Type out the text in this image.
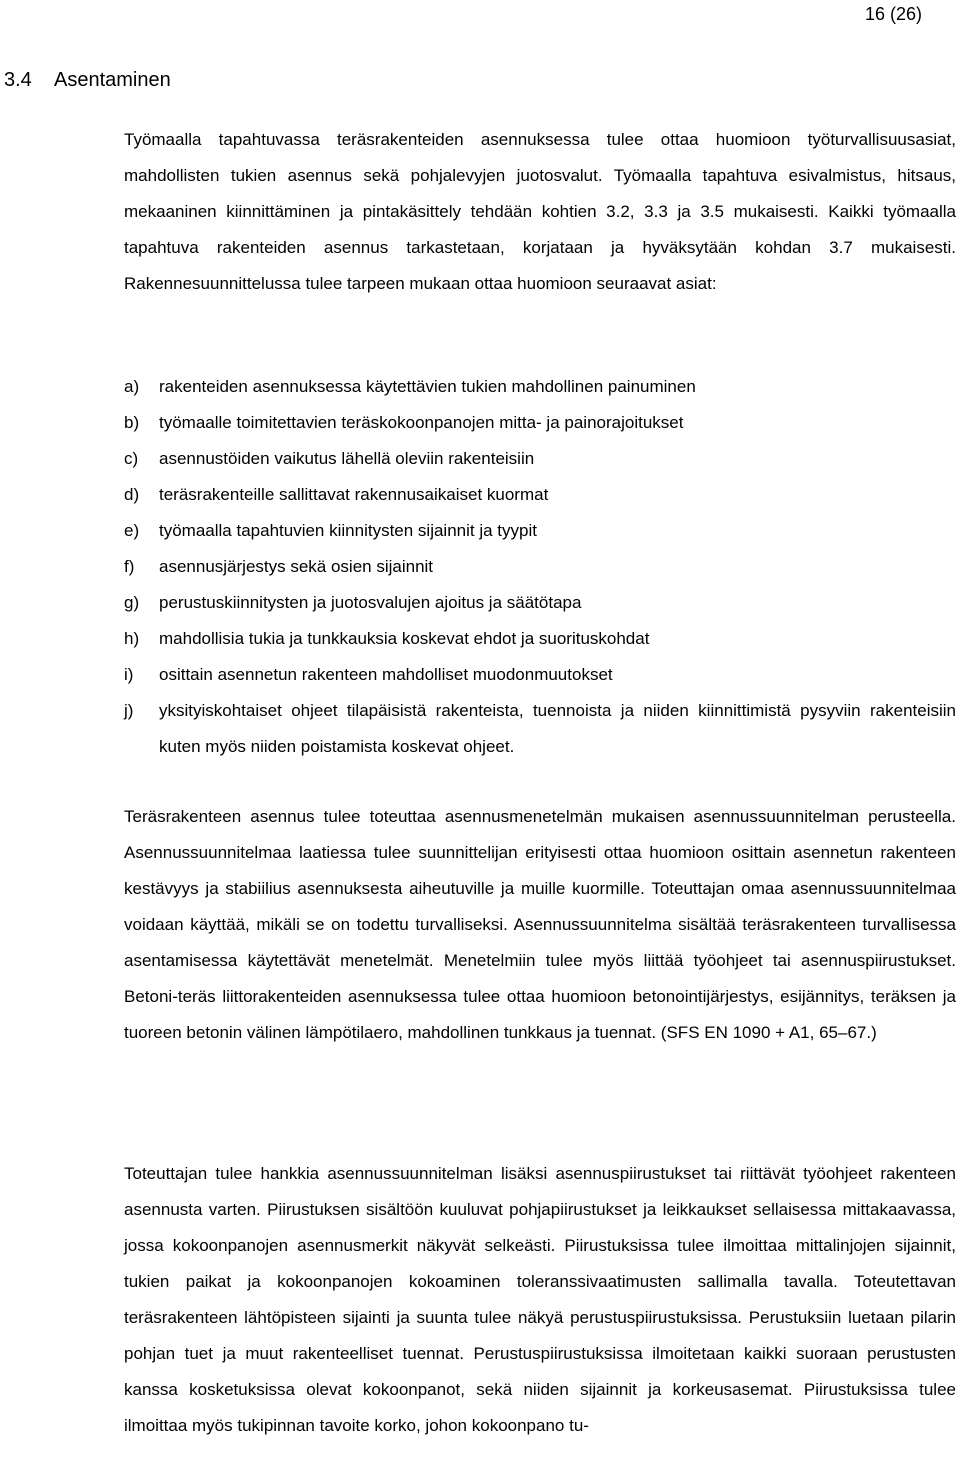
16 (26)
3.4 Asentaminen
Työmaalla tapahtuvassa teräsrakenteiden asennuksessa tulee ottaa huomioon työturvallisuusasiat, mahdollisten tukien asennus sekä pohjalevyjen juotosvalut. Työmaalla tapahtuva esivalmistus, hitsaus, mekaaninen kiinnittäminen ja pintakäsittely tehdään kohtien 3.2, 3.3 ja 3.5 mukaisesti. Kaikki työmaalla tapahtuva rakenteiden asennus tarkastetaan, korjataan ja hyväksytään kohdan 3.7 mukaisesti. Rakennesuunnittelussa tulee tarpeen mukaan ottaa huomioon seuraavat asiat:
a)	rakenteiden asennuksessa käytettävien tukien mahdollinen painuminen
b)	työmaalle toimitettavien teräskokoonpanojen mitta- ja painorajoitukset
c)	asennustöiden vaikutus lähellä oleviin rakenteisiin
d)	teräsrakenteille sallittavat rakennusaikaiset kuormat
e)	työmaalla tapahtuvien kiinnitysten sijainnit ja tyypit
f)	asennusjärjestys sekä osien sijainnit
g)	perustuskiinnitysten ja juotosvalujen ajoitus ja säätötapa
h)	mahdollisia tukia ja tunkkauksia koskevat ehdot ja suorituskohdat
i)	osittain asennetun rakenteen mahdolliset muodonmuutokset
j)	yksityiskohtaiset ohjeet tilapäisistä rakenteista, tuennoista ja niiden kiinnittimistä pysyviin rakenteisiin kuten myös niiden poistamista koskevat ohjeet.
Teräsrakenteen asennus tulee toteuttaa asennusmenetelmän mukaisen asennussuunnitelman perusteella. Asennussuunnitelmaa laatiessa tulee suunnittelijan erityisesti ottaa huomioon osittain asennetun rakenteen kestävyys ja stabiilius asennuksesta aiheutuville ja muille kuormille. Toteuttajan omaa asennussuunnitelmaa voidaan käyttää, mikäli se on todettu turvalliseksi. Asennussuunnitelma sisältää teräsrakenteen turvallisessa asentamisessa käytettävät menetelmät. Menetelmiin tulee myös liittää työohjeet tai asennuspiirustukset. Betoni-teräs liittorakenteiden asennuksessa tulee ottaa huomioon betonointijärjestys, esijännitys, teräksen ja tuoreen betonin välinen lämpötilaero, mahdollinen tunkkaus ja tuennat. (SFS EN 1090 + A1, 65–67.)
Toteuttajan tulee hankkia asennussuunnitelman lisäksi asennuspiirustukset tai riittävät työohjeet rakenteen asennusta varten. Piirustuksen sisältöön kuuluvat pohjapiirustukset ja leikkaukset sellaisessa mittakaavassa, jossa kokoonpanojen asennusmerkit näkyvät selkeästi. Piirustuksissa tulee ilmoittaa mittalinjojen sijainnit, tukien paikat ja kokoonpanojen kokoaminen toleranssivaatimusten sallimalla tavalla. Toteutettavan teräsrakenteen lähtöpisteen sijainti ja suunta tulee näkyä perustuspiirustuksissa. Perustuksiin luetaan pilarin pohjan tuet ja muut rakenteelliset tuennat. Perustuspiirustuksissa ilmoitetaan kaikki suoraan perustusten kanssa kosketuksissa olevat kokoonpanot, sekä niiden sijainnit ja korkeusasemat. Piirustuksissa tulee ilmoittaa myös tukipinnan tavoite korko, johon kokoonpano tu-
